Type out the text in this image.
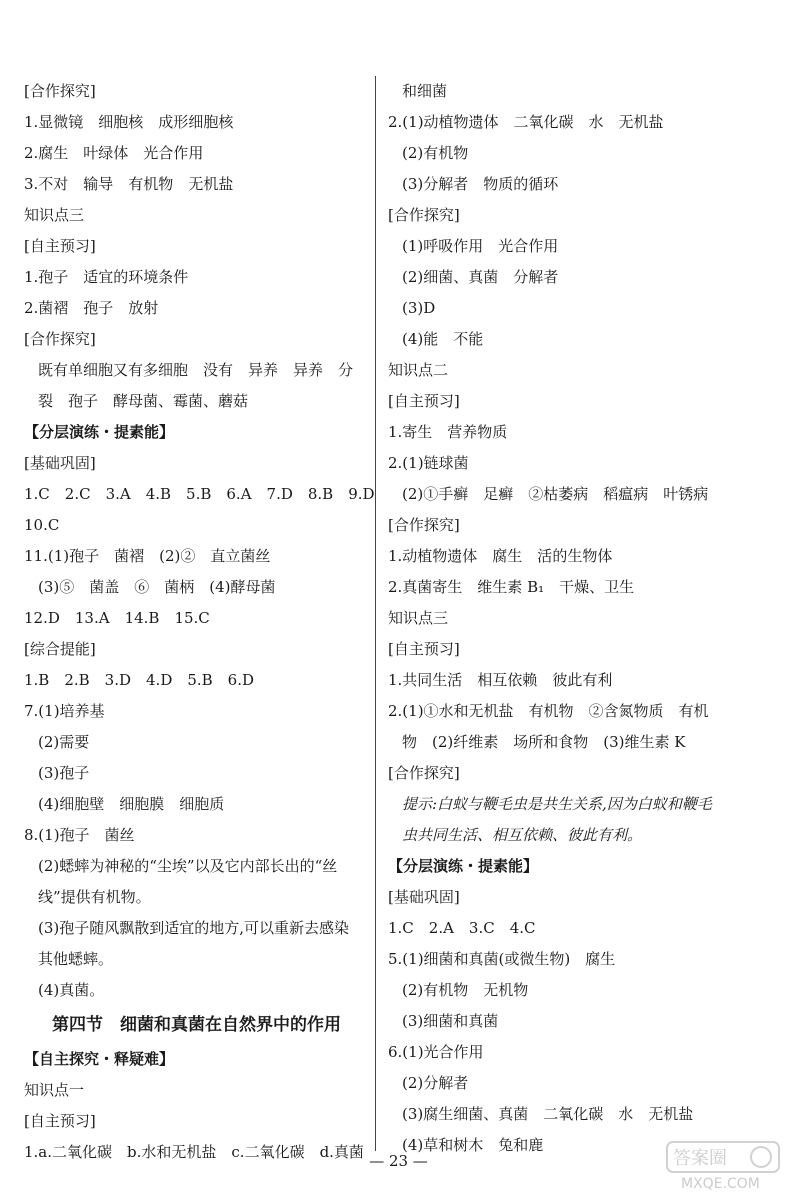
[合作探究]
1.显微镜　细胞核　成形细胞核
2.腐生　叶绿体　光合作用
3.不对　输导　有机物　无机盐
知识点三
[自主预习]
1.孢子　适宜的环境条件
2.菌褶　孢子　放射
[合作探究]
既有单细胞又有多细胞　没有　异养　异养　分
裂　孢子　酵母菌、霉菌、蘑菇
【分层演练・提素能】
[基础巩固]
1.C　2.C　3.A　4.B　5.B　6.A　7.D　8.B　9.D
10.C
11.(1)孢子　菌褶　(2)②　直立菌丝
(3)⑤　菌盖　⑥　菌柄　(4)酵母菌
12.D　13.A　14.B　15.C
[综合提能]
1.B　2.B　3.D　4.D　5.B　6.D
7.(1)培养基
(2)需要
(3)孢子
(4)细胞壁　细胞膜　细胞质
8.(1)孢子　菌丝
(2)蟋蟀为神秘的“尘埃”以及它内部长出的“丝
线”提供有机物。
(3)孢子随风飘散到适宜的地方,可以重新去感染
其他蟋蟀。
(4)真菌。
第四节　细菌和真菌在自然界中的作用
【自主探究・释疑难】
知识点一
[自主预习]
1.a.二氧化碳　b.水和无机盐　c.二氧化碳　d.真菌
和细菌
2.(1)动植物遗体　二氧化碳　水　无机盐
(2)有机物
(3)分解者　物质的循环
[合作探究]
(1)呼吸作用　光合作用
(2)细菌、真菌　分解者
(3)D
(4)能　不能
知识点二
[自主预习]
1.寄生　营养物质
2.(1)链球菌
(2)①手癣　足癣　②枯萎病　稻瘟病　叶锈病
[合作探究]
1.动植物遗体　腐生　活的生物体
2.真菌寄生　维生素 B₁　干燥、卫生
知识点三
[自主预习]
1.共同生活　相互依赖　彼此有利
2.(1)①水和无机盐　有机物　②含氮物质　有机
物　(2)纤维素　场所和食物　(3)维生素 K
[合作探究]
提示:白蚁与鞭毛虫是共生关系,因为白蚁和鞭毛
虫共同生活、相互依赖、彼此有利。
【分层演练・提素能】
[基础巩固]
1.C　2.A　3.C　4.C
5.(1)细菌和真菌(或微生物)　腐生
(2)有机物　无机物
(3)细菌和真菌
6.(1)光合作用
(2)分解者
(3)腐生细菌、真菌　二氧化碳　水　无机盐
(4)草和树木　兔和鹿
— 23 —	答案圈
MXQE.COM
